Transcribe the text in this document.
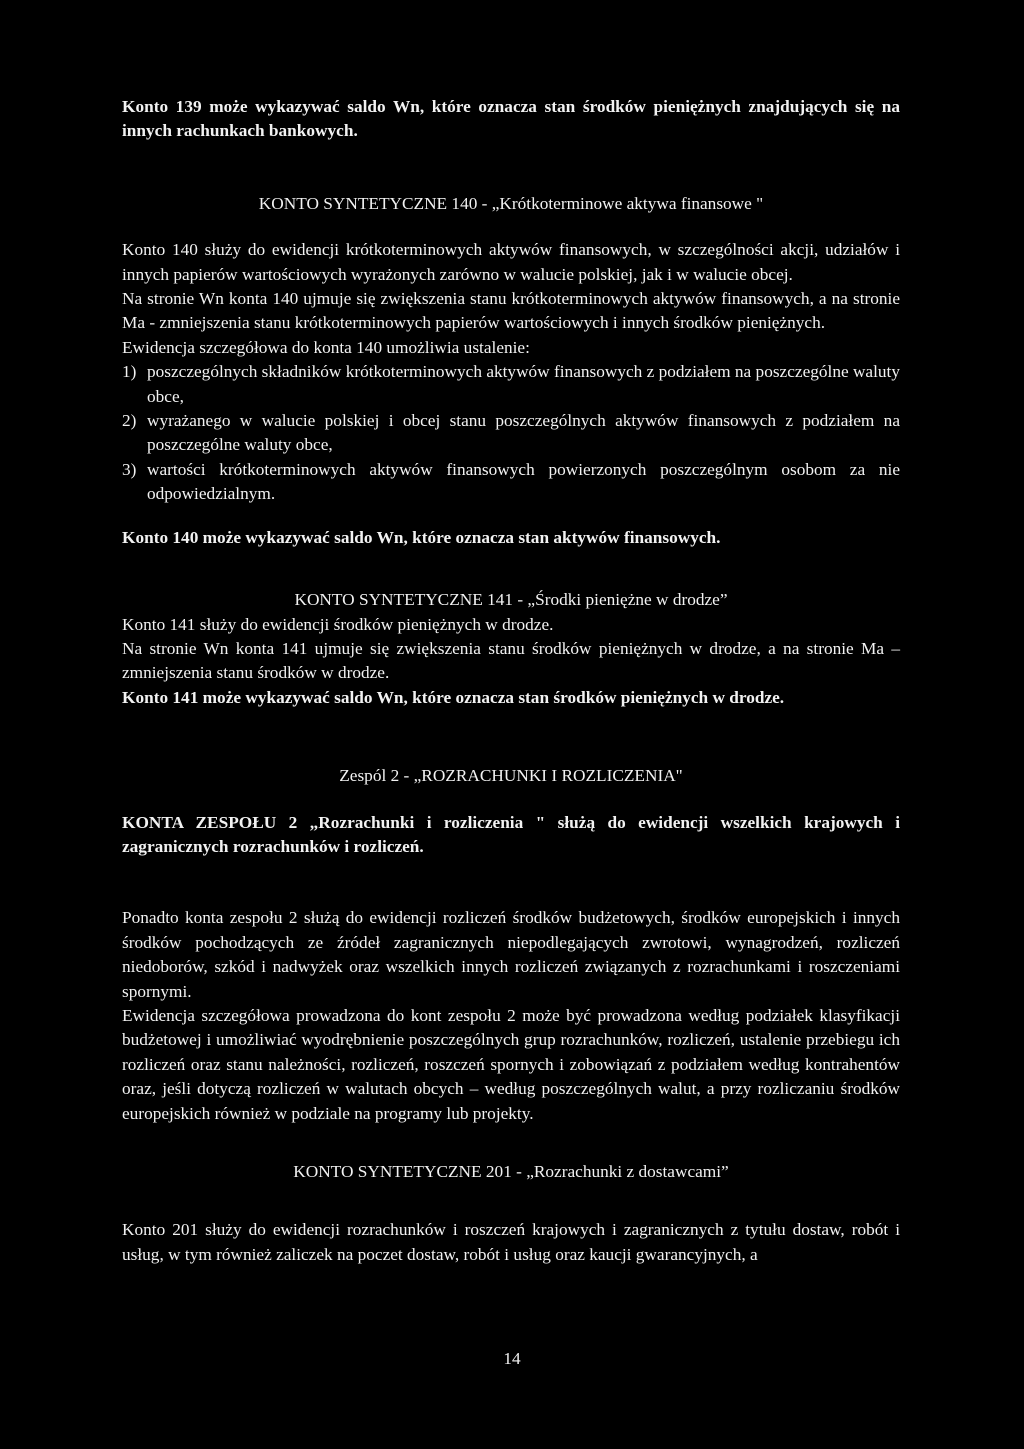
Konto 139 może wykazywać saldo Wn, które oznacza stan środków pieniężnych znajdujących się na innych rachunkach bankowych.

KONTO SYNTETYCZNE 140 - „Krótkoterminowe aktywa finansowe "

Konto 140 służy do ewidencji krótkoterminowych aktywów finansowych, w szczególności akcji, udziałów i innych papierów wartościowych wyrażonych zarówno w walucie polskiej, jak i w walucie obcej.

Na stronie Wn konta 140 ujmuje się zwiększenia stanu krótkoterminowych aktywów finansowych, a na stronie Ma - zmniejszenia stanu krótkoterminowych papierów wartościowych i innych środków pieniężnych.

Ewidencja szczegółowa do konta 140 umożliwia ustalenie:

1) poszczególnych składników krótkoterminowych aktywów finansowych z podziałem na poszczególne waluty obce,
2) wyrażanego w walucie polskiej i obcej stanu poszczególnych aktywów finansowych z podziałem na poszczególne waluty obce,
3) wartości krótkoterminowych aktywów finansowych powierzonych poszczególnym osobom za nie odpowiedzialnym.

Konto 140 może wykazywać saldo Wn, które oznacza stan aktywów finansowych.

KONTO SYNTETYCZNE 141 - „Środki pieniężne w drodze”

Konto 141 służy do ewidencji środków pieniężnych w drodze.

Na stronie Wn konta 141 ujmuje się zwiększenia stanu środków pieniężnych w drodze, a na stronie Ma – zmniejszenia stanu środków w drodze.

Konto 141 może wykazywać saldo Wn, które oznacza stan środków pieniężnych w drodze.

Zespól 2 - „ROZRACHUNKI I ROZLICZENIA"

KONTA ZESPOŁU 2 „Rozrachunki i rozliczenia " służą do ewidencji wszelkich krajowych i zagranicznych rozrachunków i rozliczeń.

Ponadto konta zespołu 2 służą do ewidencji rozliczeń środków budżetowych, środków europejskich i innych środków pochodzących ze źródeł zagranicznych niepodlegających zwrotowi, wynagrodzeń, rozliczeń niedoborów, szkód i nadwyżek oraz wszelkich innych rozliczeń związanych z rozrachunkami i roszczeniami spornymi.

Ewidencja szczegółowa prowadzona do kont zespołu 2 może być prowadzona według podziałek klasyfikacji budżetowej i umożliwiać wyodrębnienie poszczególnych grup rozrachunków, rozliczeń, ustalenie przebiegu ich rozliczeń oraz stanu należności, rozliczeń, roszczeń spornych i zobowiązań z podziałem według kontrahentów oraz, jeśli dotyczą rozliczeń w walutach obcych – według poszczególnych walut, a przy rozliczaniu środków europejskich również w podziale na programy lub projekty.

KONTO SYNTETYCZNE 201 - „Rozrachunki z dostawcami”

Konto 201 służy do ewidencji rozrachunków i roszczeń krajowych i zagranicznych z tytułu dostaw, robót i usług, w tym również zaliczek na poczet dostaw, robót i usług oraz kaucji gwarancyjnych, a

14
